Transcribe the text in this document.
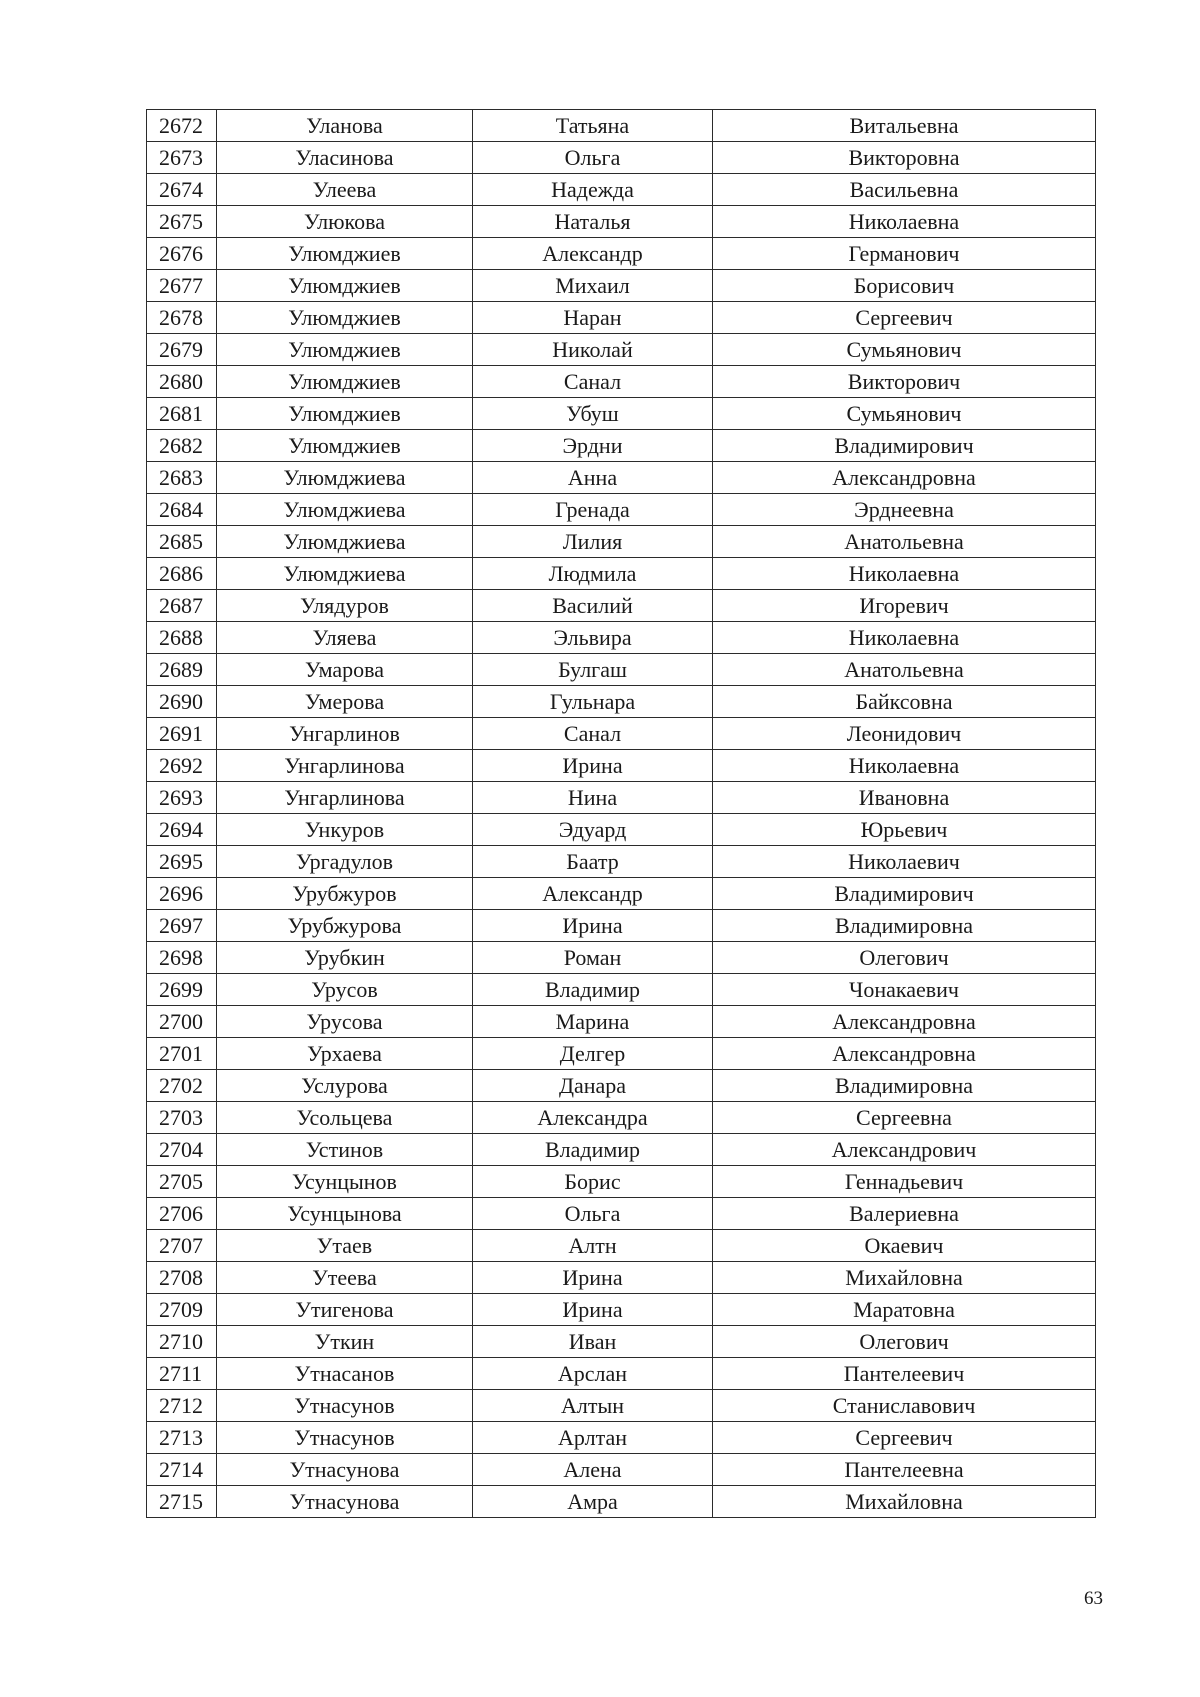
2672	Уланова	Татьяна	Витальевна
2673	Уласинова	Ольга	Викторовна
2674	Улеева	Надежда	Васильевна
2675	Улюкова	Наталья	Николаевна
2676	Улюмджиев	Александр	Германович
2677	Улюмджиев	Михаил	Борисович
2678	Улюмджиев	Наран	Сергеевич
2679	Улюмджиев	Николай	Сумьянович
2680	Улюмджиев	Санал	Викторович
2681	Улюмджиев	Убуш	Сумьянович
2682	Улюмджиев	Эрдни	Владимирович
2683	Улюмджиева	Анна	Александровна
2684	Улюмджиева	Гренада	Эрднеевна
2685	Улюмджиева	Лилия	Анатольевна
2686	Улюмджиева	Людмила	Николаевна
2687	Улядуров	Василий	Игоревич
2688	Уляева	Эльвира	Николаевна
2689	Умарова	Булгаш	Анатольевна
2690	Умерова	Гульнара	Байксовна
2691	Унгарлинов	Санал	Леонидович
2692	Унгарлинова	Ирина	Николаевна
2693	Унгарлинова	Нина	Ивановна
2694	Ункуров	Эдуард	Юрьевич
2695	Ургадулов	Баатр	Николаевич
2696	Урубжуров	Александр	Владимирович
2697	Урубжурова	Ирина	Владимировна
2698	Урубкин	Роман	Олегович
2699	Урусов	Владимир	Чонакаевич
2700	Урусова	Марина	Александровна
2701	Урхаева	Делгер	Александровна
2702	Услурова	Данара	Владимировна
2703	Усольцева	Александра	Сергеевна
2704	Устинов	Владимир	Александрович
2705	Усунцынов	Борис	Геннадьевич
2706	Усунцынова	Ольга	Валериевна
2707	Утаев	Алтн	Окаевич
2708	Утеева	Ирина	Михайловна
2709	Утигенова	Ирина	Маратовна
2710	Уткин	Иван	Олегович
2711	Утнасанов	Арслан	Пантелеевич
2712	Утнасунов	Алтын	Станиславович
2713	Утнасунов	Арлтан	Сергеевич
2714	Утнасунова	Алена	Пантелеевна
2715	Утнасунова	Амра	Михайловна
63
